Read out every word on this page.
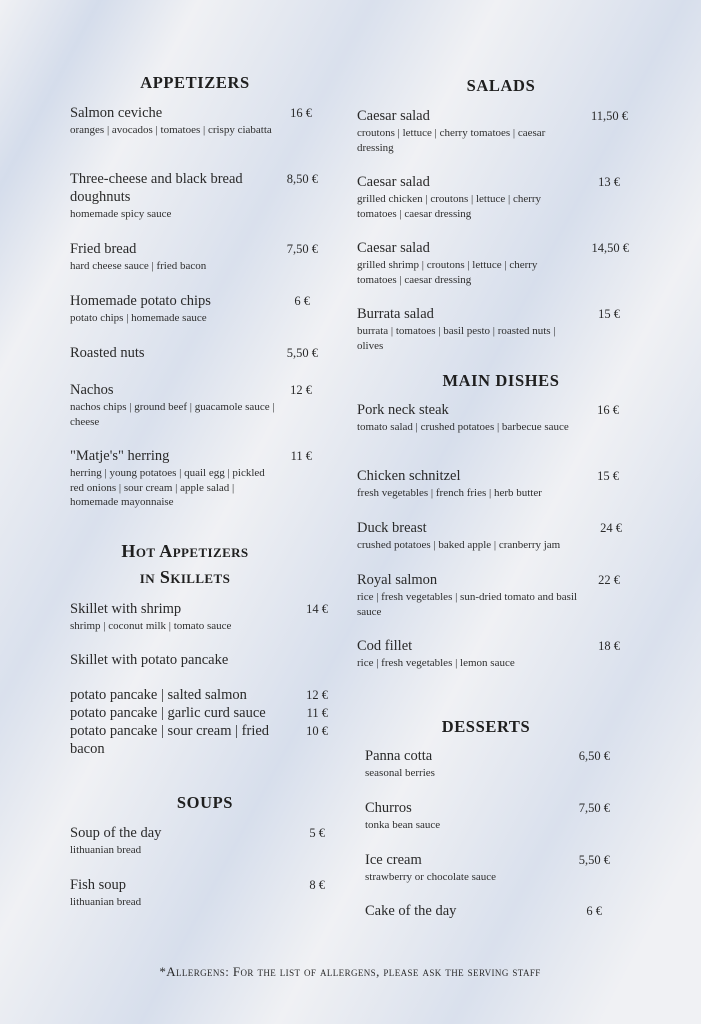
APPETIZERS
Salmon ceviche
oranges | avocados | tomatoes | crispy ciabatta
16 €
Three-cheese and black bread doughnuts
homemade spicy sauce
8,50 €
Fried bread
hard cheese sauce | fried bacon
7,50 €
Homemade potato chips
potato chips | homemade sauce
6 €
Roasted nuts	5,50 €
Nachos
nachos chips | ground beef | guacamole sauce | cheese
12 €
"Matje's" herring
herring | young potatoes | quail egg | pickled red onions | sour cream | apple salad | homemade mayonnaise
11 €
Hot Appetizers
in Skillets
Skillet with shrimp
shrimp | coconut milk | tomato sauce
14 €
Skillet with potato pancake
potato pancake | salted salmon	12 €
potato pancake | garlic curd sauce	11 €
potato pancake | sour cream | fried bacon
10 €
SOUPS
Soup of the day
lithuanian bread
5 €
Fish soup
lithuanian bread
8 €
SALADS
Caesar salad
croutons | lettuce | cherry tomatoes | caesar dressing
11,50 €
Caesar salad
grilled chicken | croutons | lettuce | cherry tomatoes | caesar dressing
13 €
Caesar salad
grilled shrimp | croutons | lettuce | cherry tomatoes | caesar dressing
14,50 €
Burrata salad
burrata | tomatoes | basil pesto | roasted nuts | olives
15 €
MAIN DISHES
Pork neck steak
tomato salad | crushed potatoes | barbecue sauce
16 €
Chicken schnitzel
fresh vegetables | french fries | herb butter
15 €
Duck breast
crushed potatoes | baked apple | cranberry jam
24 €
Royal salmon
rice | fresh vegetables | sun-dried tomato and basil sauce
22 €
Cod fillet
rice | fresh vegetables | lemon sauce
18 €
DESSERTS
Panna cotta
seasonal berries
6,50 €
Churros
tonka bean sauce
7,50 €
Ice cream
strawberry or chocolate sauce
5,50 €
Cake of the day	6 €
*Allergens: For the list of allergens, please ask the serving staff
